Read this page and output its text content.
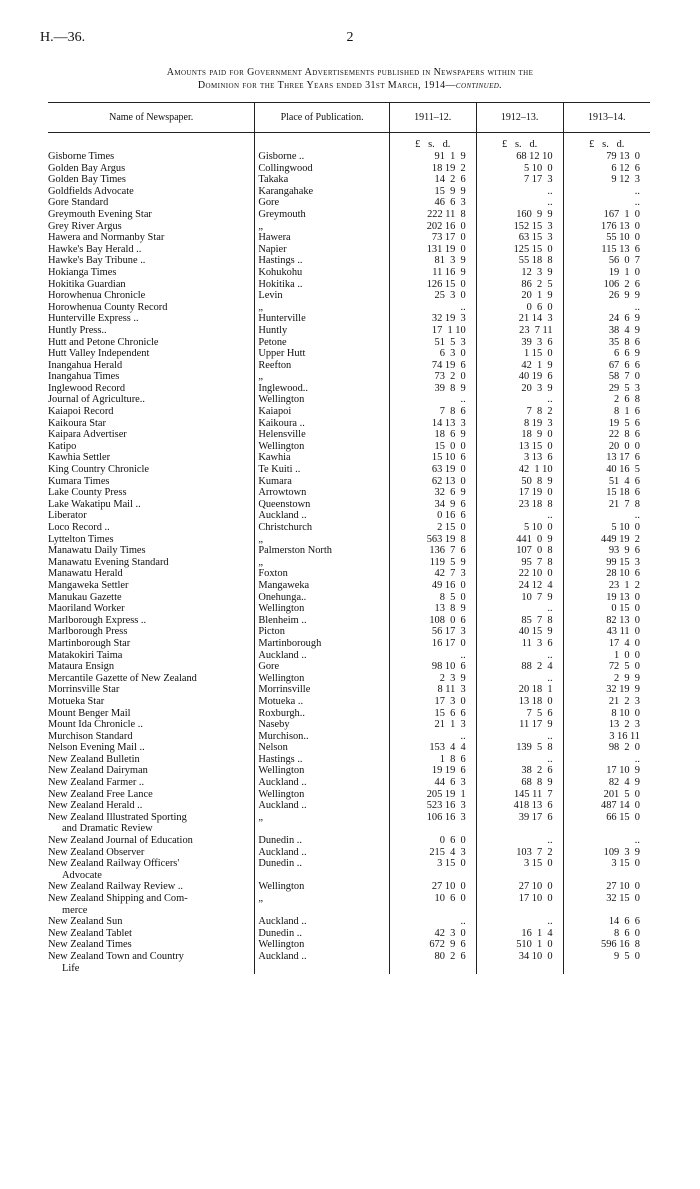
H.—36.	2
Amounts paid for Government Advertisements published in Newspapers within the
Dominion for the Three Years ended 31st March, 1914—continued.
Name of Newspaper.	Place of Publication.	1911–12.	1912–13.	1913–14.
		£ s. d.	£ s. d.	£ s. d.
Gisborne Times	Gisborne ..	91  1  9	68 12 10	79 13  0
Golden Bay Argus	Collingwood	18 19  2	5 10  0	6 12  6
Golden Bay Times	Takaka	14  2  6	7 17  3	9 12  3
Goldfields Advocate	Karangahake	15  9  9	..	..
Gore Standard	Gore	46  6  3	..	..
Greymouth Evening Star	Greymouth	222 11  8	160  9  9	167  1  0
Grey River Argus	„	202 16  0	152 15  3	176 13  0
Hawera and Normanby Star	Hawera	73 17  0	63 15  3	55 10  0
Hawke's Bay Herald ..	Napier	131 19  0	125 15  0	115 13  6
Hawke's Bay Tribune ..	Hastings ..	81  3  9	55 18  8	56  0  7
Hokianga Times	Kohukohu	11 16  9	12  3  9	19  1  0
Hokitika Guardian	Hokitika ..	126 15  0	86  2  5	106  2  6
Horowhenua Chronicle	Levin	25  3  0	20  1  9	26  9  9
Horowhenua County Record	„	..	0  6  0	..
Hunterville Express ..	Hunterville	32 19  3	21 14  3	24  6  9
Huntly Press..	Huntly	17  1 10	23  7 11	38  4  9
Hutt and Petone Chronicle	Petone	51  5  3	39  3  6	35  8  6
Hutt Valley Independent	Upper Hutt	6  3  0	1 15  0	6  6  9
Inangahua Herald	Reefton	74 19  6	42  1  9	67  6  6
Inangahua Times	„	73  2  0	40 19  6	58  7  0
Inglewood Record	Inglewood..	39  8  9	20  3  9	29  5  3
Journal of Agriculture..	Wellington	..	..	2  6  8
Kaiapoi Record	Kaiapoi	7  8  6	7  8  2	8  1  6
Kaikoura Star	Kaikoura ..	14 13  3	8 19  3	19  5  6
Kaipara Advertiser	Helensville	18  6  9	18  9  0	22  8  6
Katipo	Wellington	15  0  0	13 15  0	20  0  0
Kawhia Settler	Kawhia	15 10  6	3 13  6	13 17  6
King Country Chronicle	Te Kuiti ..	63 19  0	42  1 10	40 16  5
Kumara Times	Kumara	62 13  0	50  8  9	51  4  6
Lake County Press	Arrowtown	32  6  9	17 19  0	15 18  6
Lake Wakatipu Mail ..	Queenstown	34  9  6	23 18  8	21  7  8
Liberator	Auckland ..	0 16  6	..	..
Loco Record ..	Christchurch	2 15  0	5 10  0	5 10  0
Lyttelton Times	„	563 19  8	441  0  9	449 19  2
Manawatu Daily Times	Palmerston North	136  7  6	107  0  8	93  9  6
Manawatu Evening Standard	„	119  5  9	95  7  8	99 15  3
Manawatu Herald	Foxton	42  7  3	22 10  0	28 10  6
Mangaweka Settler	Mangaweka	49 16  0	24 12  4	23  1  2
Manukau Gazette	Onehunga..	8  5  0	10  7  9	19 13  0
Maoriland Worker	Wellington	13  8  9	..	0 15  0
Marlborough Express ..	Blenheim ..	108  0  6	85  7  8	82 13  0
Marlborough Press	Picton	56 17  3	40 15  9	43 11  0
Martinborough Star	Martinborough	16 17  0	11  3  6	17  4  0
Matakokiri Taima	Auckland ..	..	..	1  0  0
Mataura Ensign	Gore	98 10  6	88  2  4	72  5  0
Mercantile Gazette of New Zealand	Wellington	2  3  9	..	2  9  9
Morrinsville Star	Morrinsville	8 11  3	20 18  1	32 19  9
Motueka Star	Motueka ..	17  3  0	13 18  0	21  2  3
Mount Benger Mail	Roxburgh..	15  6  6	7  5  6	8 10  0
Mount Ida Chronicle ..	Naseby	21  1  3	11 17  9	13  2  3
Murchison Standard	Murchison..	..	..	3 16 11
Nelson Evening Mail ..	Nelson	153  4  4	139  5  8	98  2  0
New Zealand Bulletin	Hastings ..	1  8  6	..	..
New Zealand Dairyman	Wellington	19 19  6	38  2  6	17 10  9
New Zealand Farmer ..	Auckland ..	44  6  3	68  8  9	82  4  9
New Zealand Free Lance	Wellington	205 19  1	145 11  7	201  5  0
New Zealand Herald ..	Auckland ..	523 16  3	418 13  6	487 14  0
New Zealand Illustrated Sporting
and Dramatic Review	„	106 16  3	39 17  6	66 15  0
New Zealand Journal of Education	Dunedin ..	0  6  0	..	..
New Zealand Observer	Auckland ..	215  4  3	103  7  2	109  3  9
New Zealand Railway Officers'
Advocate	Dunedin ..	3 15  0	3 15  0	3 15  0
New Zealand Railway Review ..	Wellington	27 10  0	27 10  0	27 10  0
New Zealand Shipping and Com-
merce	„	10  6  0	17 10  0	32 15  0
New Zealand Sun	Auckland ..	..	..	14  6  6
New Zealand Tablet	Dunedin ..	42  3  0	16  1  4	8  6  0
New Zealand Times	Wellington	672  9  6	510  1  0	596 16  8
New Zealand Town and Country
Life	Auckland ..	80  2  6	34 10  0	9  5  0
